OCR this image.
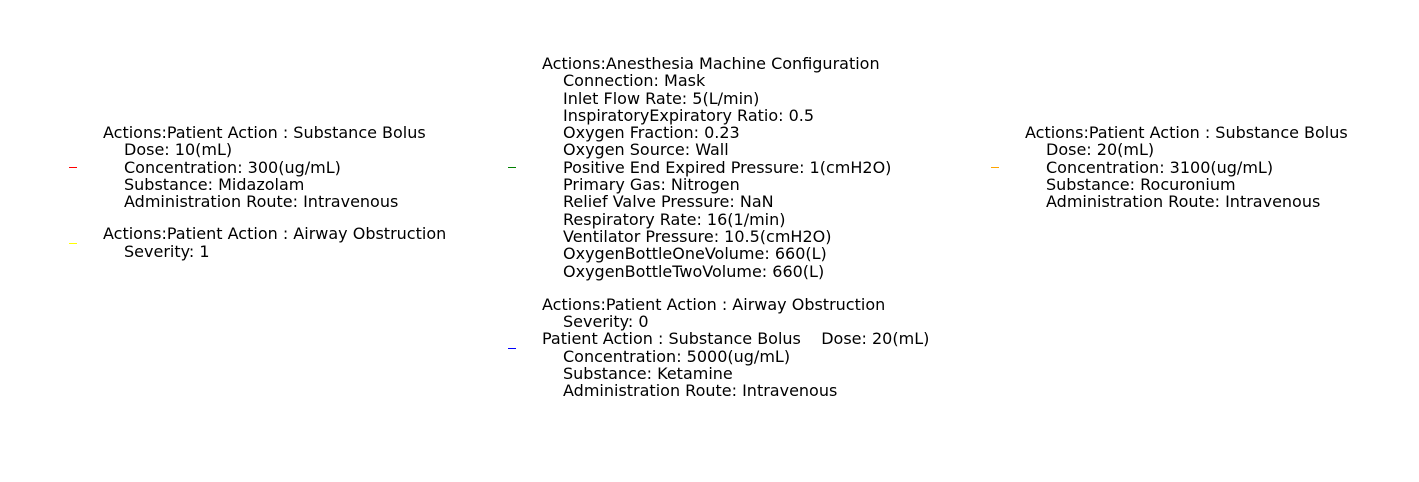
Actions:Patient Action : Substance Bolus
Dose: 10(mL)
Concentration: 300(ug/mL)
Substance: Midazolam
Administration Route: Intravenous
Actions:Patient Action : Airway Obstruction
Severity: 1
Actions:Anesthesia Machine Configuration
Connection: Mask
Inlet Flow Rate: 5(L/min)
InspiratoryExpiratory Ratio: 0.5
Oxygen Fraction: 0.23
Oxygen Source: Wall
Positive End Expired Pressure: 1(cmH2O)
Primary Gas: Nitrogen
Relief Valve Pressure: NaN
Respiratory Rate: 16(1/min)
Ventilator Pressure: 10.5(cmH2O)
OxygenBottleOneVolume: 660(L)
OxygenBottleTwoVolume: 660(L)
Actions:Patient Action : Airway Obstruction
Severity: 0
Patient Action : Substance Bolus    Dose: 20(mL)
Concentration: 5000(ug/mL)
Substance: Ketamine
Administration Route: Intravenous
Actions:Patient Action : Substance Bolus
Dose: 20(mL)
Concentration: 3100(ug/mL)
Substance: Rocuronium
Administration Route: Intravenous
